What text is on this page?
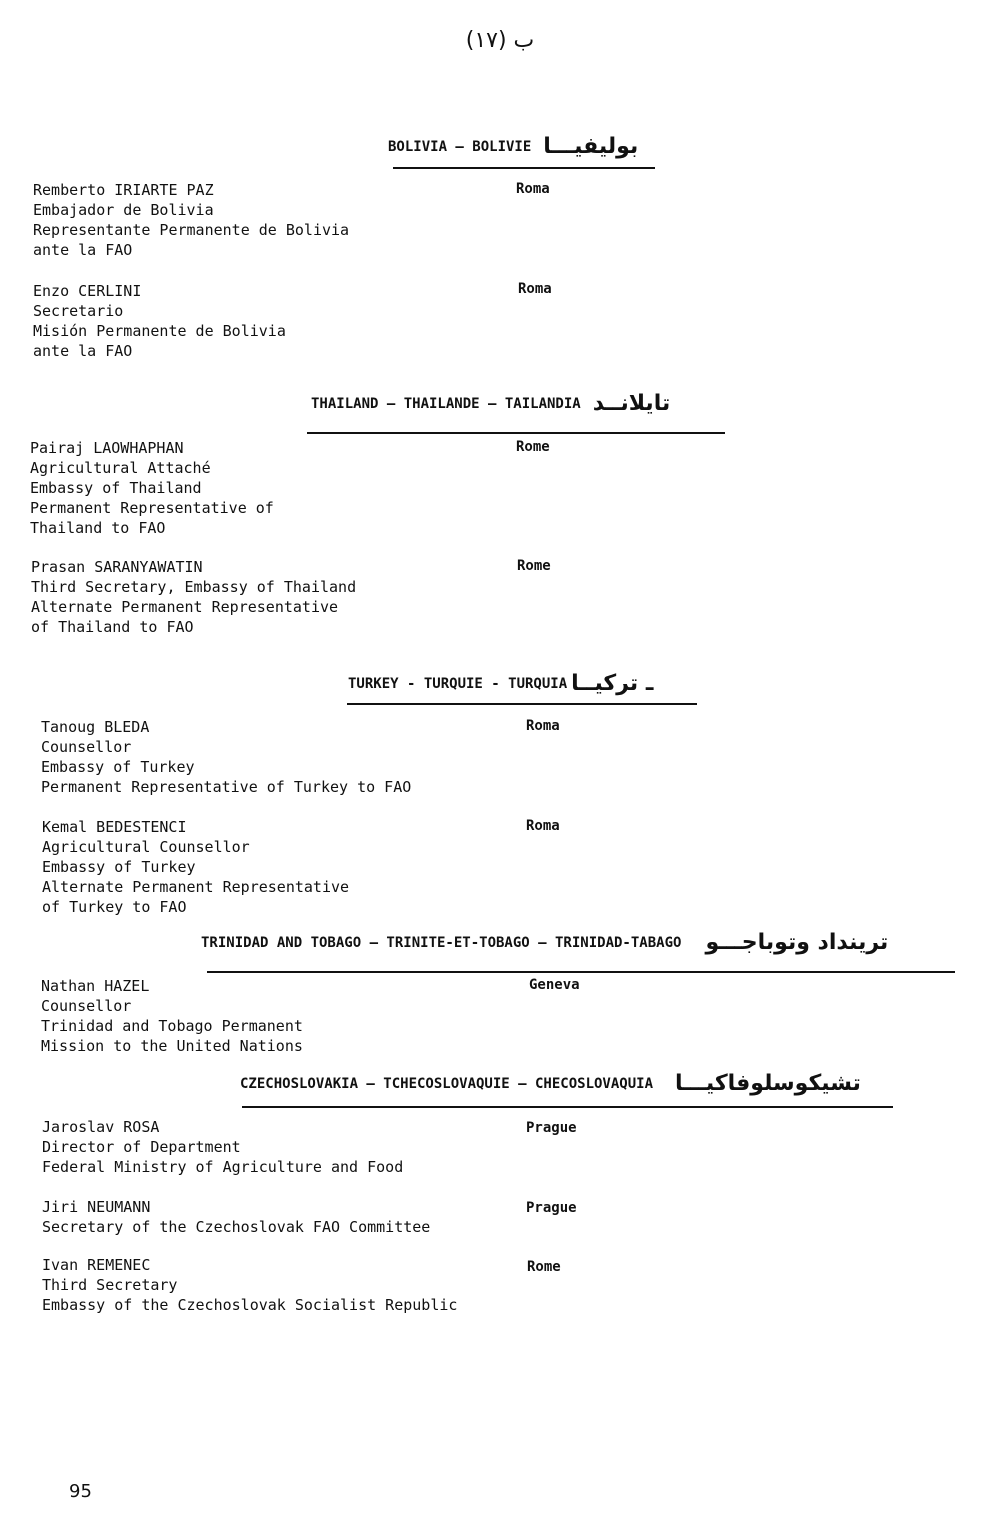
ب (١٧)
BOLIVIA – BOLIVIE بوليفيـــا
Remberto IRIARTE PAZ
Embajador de Bolivia
Representante Permanente de Bolivia
ante la FAO
Roma
Enzo CERLINI
Secretario
Misión Permanente de Bolivia
ante la FAO
Roma
THAILAND – THAILANDE – TAILANDIA تايلانــد
Pairaj LAOWHAPHAN
Agricultural Attaché
Embassy of Thailand
Permanent Representative of
Thailand to FAO
Rome
Prasan SARANYAWATIN
Third Secretary, Embassy of Thailand
Alternate Permanent Representative
of Thailand to FAO
Rome
TURKEY - TURQUIE - TURQUIA ـ تركيــا
Tanoug BLEDA
Counsellor
Embassy of Turkey
Permanent Representative of Turkey to FAO
Roma
Kemal BEDESTENCI
Agricultural Counsellor
Embassy of Turkey
Alternate Permanent Representative
of Turkey to FAO
Roma
TRINIDAD AND TOBAGO – TRINITE-ET-TOBAGO – TRINIDAD-TABAGO ترينداد وتوباجـــو
Nathan HAZEL
Counsellor
Trinidad and Tobago Permanent
Mission to the United Nations
Geneva
CZECHOSLOVAKIA – TCHECOSLOVAQUIE – CHECOSLOVAQUIA تشيكوسلوفاكيـــا
Jaroslav ROSA
Director of Department
Federal Ministry of Agriculture and Food
Prague
Jiri NEUMANN
Secretary of the Czechoslovak FAO Committee
Prague
Ivan REMENEC
Third Secretary
Embassy of the Czechoslovak Socialist Republic
Rome
95
